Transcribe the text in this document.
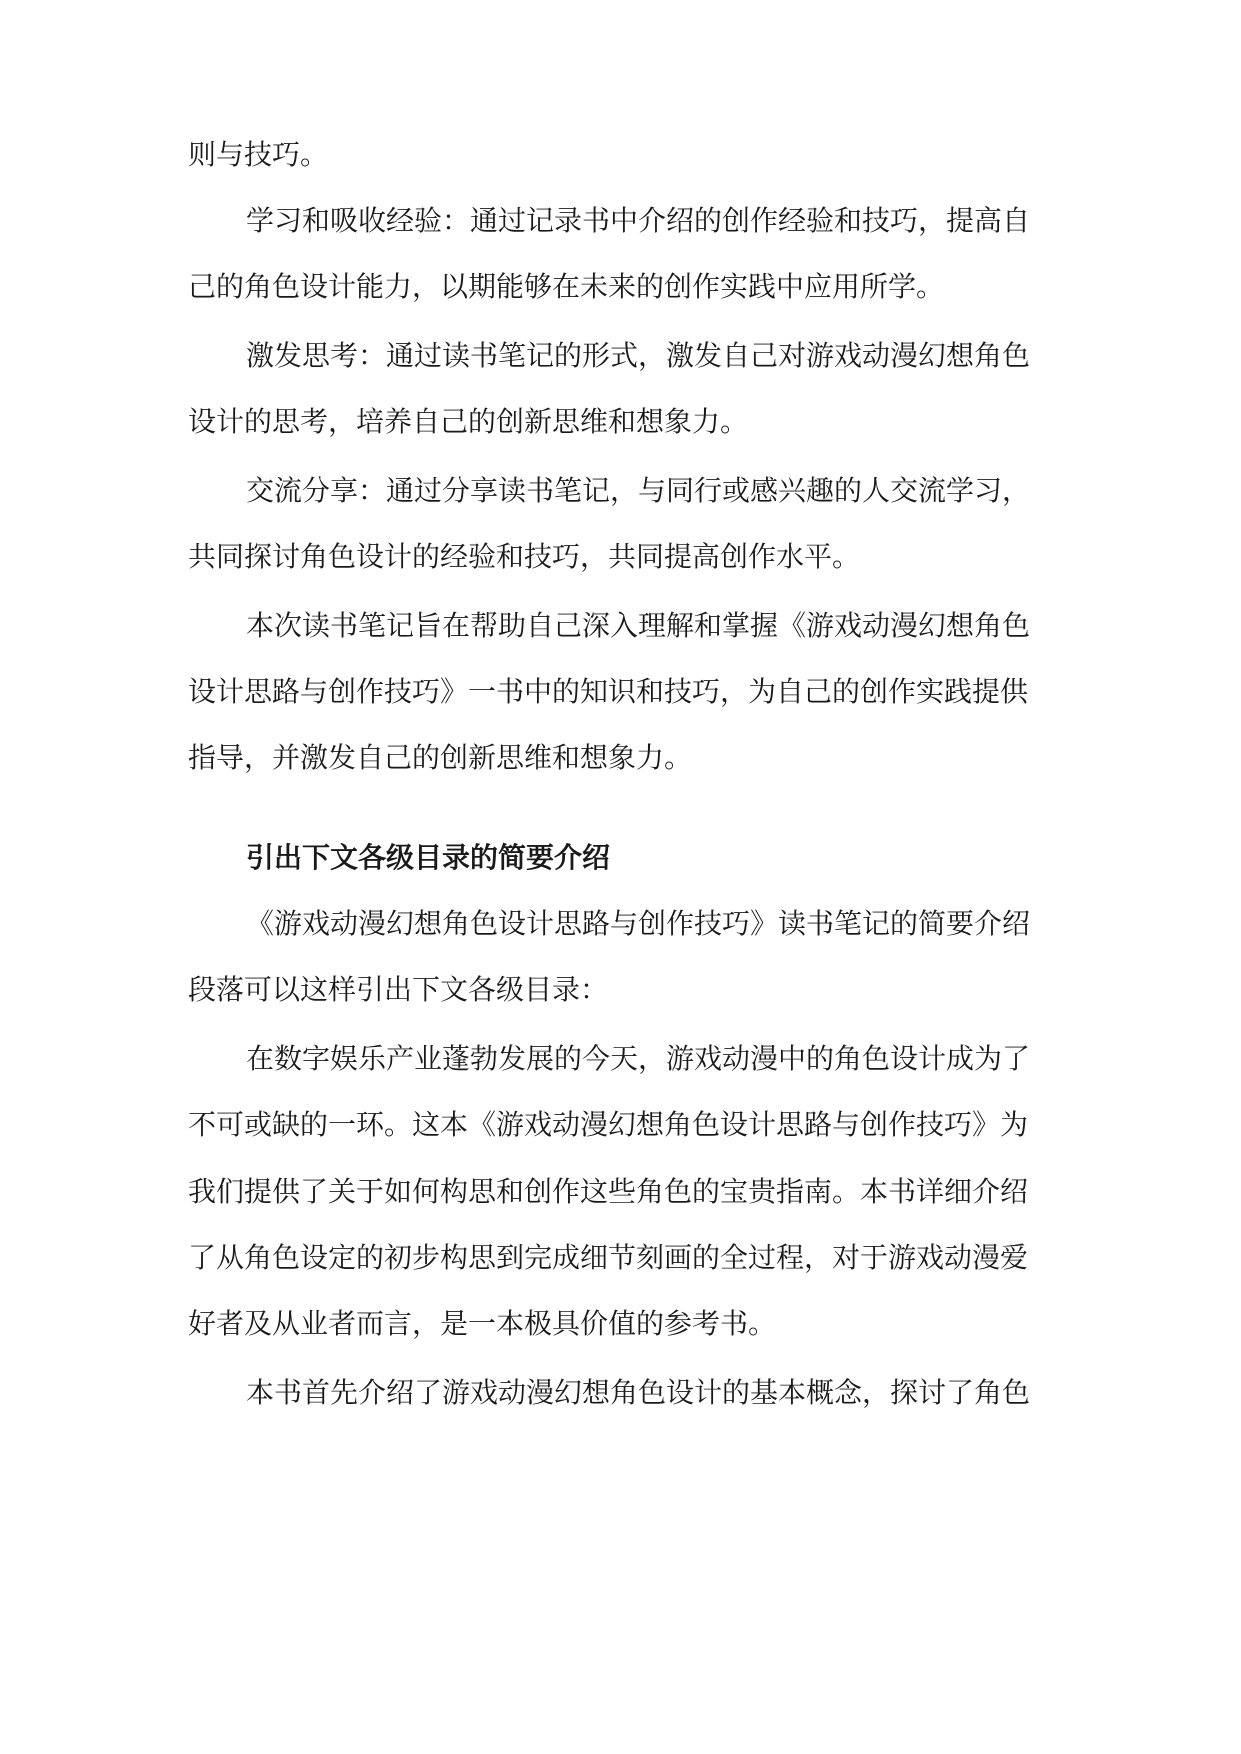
则与技巧。
学习和吸收经验：通过记录书中介绍的创作经验和技巧，提高自
己的角色设计能力，以期能够在未来的创作实践中应用所学。
激发思考：通过读书笔记的形式，激发自己对游戏动漫幻想角色
设计的思考，培养自己的创新思维和想象力。
交流分享：通过分享读书笔记，与同行或感兴趣的人交流学习，
共同探讨角色设计的经验和技巧，共同提高创作水平。
本次读书笔记旨在帮助自己深入理解和掌握《游戏动漫幻想角色
设计思路与创作技巧》一书中的知识和技巧，为自己的创作实践提供
指导，并激发自己的创新思维和想象力。
引出下文各级目录的简要介绍
《游戏动漫幻想角色设计思路与创作技巧》读书笔记的简要介绍
段落可以这样引出下文各级目录：
在数字娱乐产业蓬勃发展的今天，游戏动漫中的角色设计成为了
不可或缺的一环。这本《游戏动漫幻想角色设计思路与创作技巧》为
我们提供了关于如何构思和创作这些角色的宝贵指南。本书详细介绍
了从角色设定的初步构思到完成细节刻画的全过程，对于游戏动漫爱
好者及从业者而言，是一本极具价值的参考书。
本书首先介绍了游戏动漫幻想角色设计的基本概念，探讨了角色
